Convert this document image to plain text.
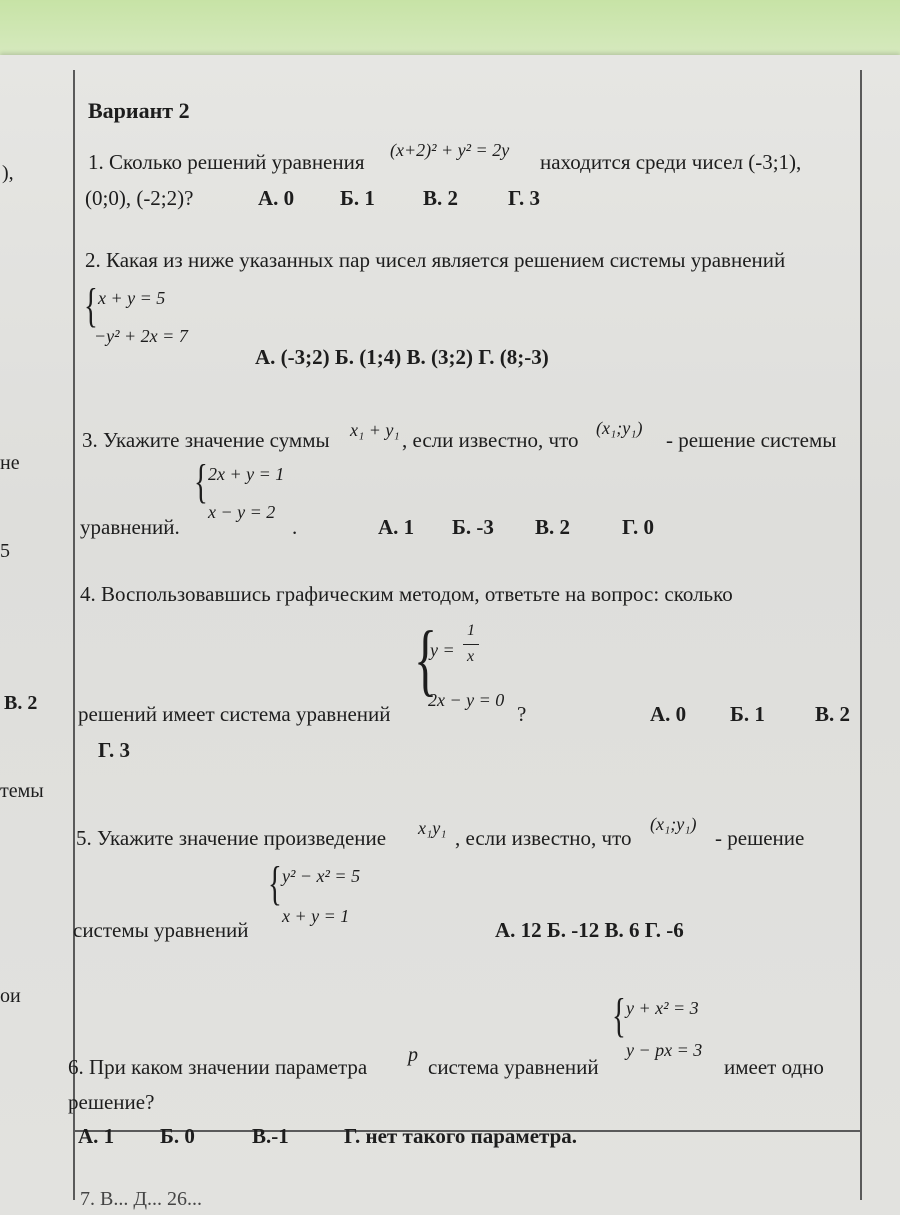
),
не
5
В. 2
темы
ои
Вариант 2
1. Сколько решений уравнения (x+2)² + y² = 2y находится среди чисел (-3;1),
(0;0), (-2;2)?	А. 0 Б. 1 В. 2 Г. 3
2. Какая из ниже указанных пар чисел является решением системы уравнений
{ x + y = 5
−y² + 2x = 7
А. (-3;2) Б. (1;4) В. (3;2) Г. (8;-3)
3. Укажите значение суммы x₁ + y₁ , если известно, что (x₁;y₁) - решение системы
{ 2x + y = 1
x − y = 2
уравнений.	.	А. 1 Б. -3 В. 2 Г. 0
4. Воспользовавшись графическим методом, ответьте на вопрос: сколько
{
y =
1
x
2x − y = 0
решений имеет система уравнений	?	А. 0 Б. 1 В. 2
Г. 3
5. Укажите значение произведение x₁y₁ , если известно, что
(x₁;y₁)
- решение
{ y² − x² = 5
x + y = 1
системы уравнений	А. 12 Б. -12 В. 6 Г. -6
{ y + x² = 3
y − px = 3
6. При каком значении параметра p система уравнений	имеет одно
решение?
А. 1 Б. 0	В.-1	Г. нет такого параметра.
7. В... Д... 26...
